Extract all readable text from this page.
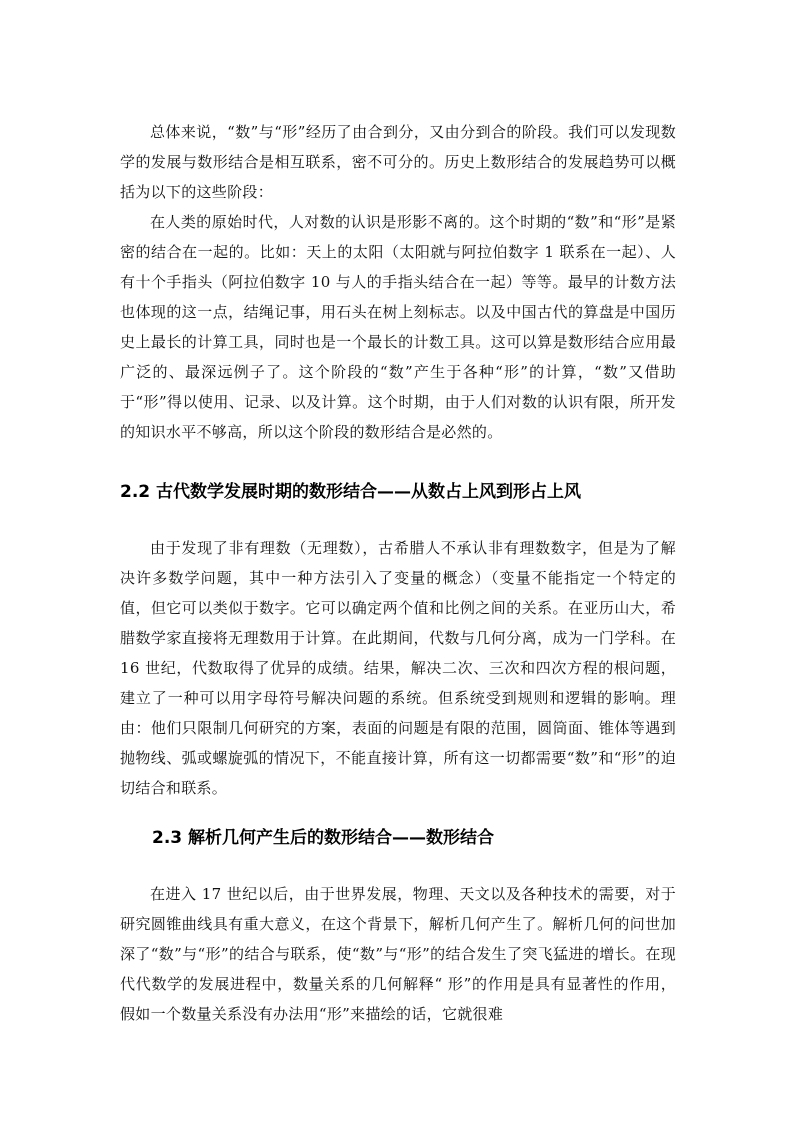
总体来说，“数”与“形”经历了由合到分，又由分到合的阶段。我们可以发现数学的发展与数形结合是相互联系，密不可分的。历史上数形结合的发展趋势可以概括为以下的这些阶段：

在人类的原始时代，人对数的认识是形影不离的。这个时期的“数”和“形”是紧密的结合在一起的。比如：天上的太阳（太阳就与阿拉伯数字 1 联系在一起）、人有十个手指头（阿拉伯数字 10 与人的手指头结合在一起）等等。最早的计数方法也体现的这一点，结绳记事，用石头在树上刻标志。以及中国古代的算盘是中国历史上最长的计算工具，同时也是一个最长的计数工具。这可以算是数形结合应用最广泛的、最深远例子了。这个阶段的“数”产生于各种“形”的计算，“数”又借助于“形”得以使用、记录、以及计算。这个时期，由于人们对数的认识有限，所开发的知识水平不够高，所以这个阶段的数形结合是必然的。

2.2 古代数学发展时期的数形结合——从数占上风到形占上风

由于发现了非有理数（无理数），古希腊人不承认非有理数数字，但是为了解决许多数学问题，其中一种方法引入了变量的概念）（变量不能指定一个特定的值，但它可以类似于数字。它可以确定两个值和比例之间的关系。在亚历山大，希腊数学家直接将无理数用于计算。在此期间，代数与几何分离，成为一门学科。在 16 世纪，代数取得了优异的成绩。结果，解决二次、三次和四次方程的根问题，建立了一种可以用字母符号解决问题的系统。但系统受到规则和逻辑的影响。理由：他们只限制几何研究的方案，表面的问题是有限的范围，圆筒面、锥体等遇到抛物线、弧或螺旋弧的情况下，不能直接计算，所有这一切都需要“数”和“形”的迫切结合和联系。

2.3 解析几何产生后的数形结合——数形结合

在进入 17 世纪以后，由于世界发展，物理、天文以及各种技术的需要，对于研究圆锥曲线具有重大意义，在这个背景下，解析几何产生了。解析几何的问世加深了“数”与“形”的结合与联系，使“数”与“形”的结合发生了突飞猛进的增长。在现代代数学的发展进程中，数量关系的几何解释“ 形”的作用是具有显著性的作用，假如一个数量关系没有办法用“形”来描绘的话，它就很难
